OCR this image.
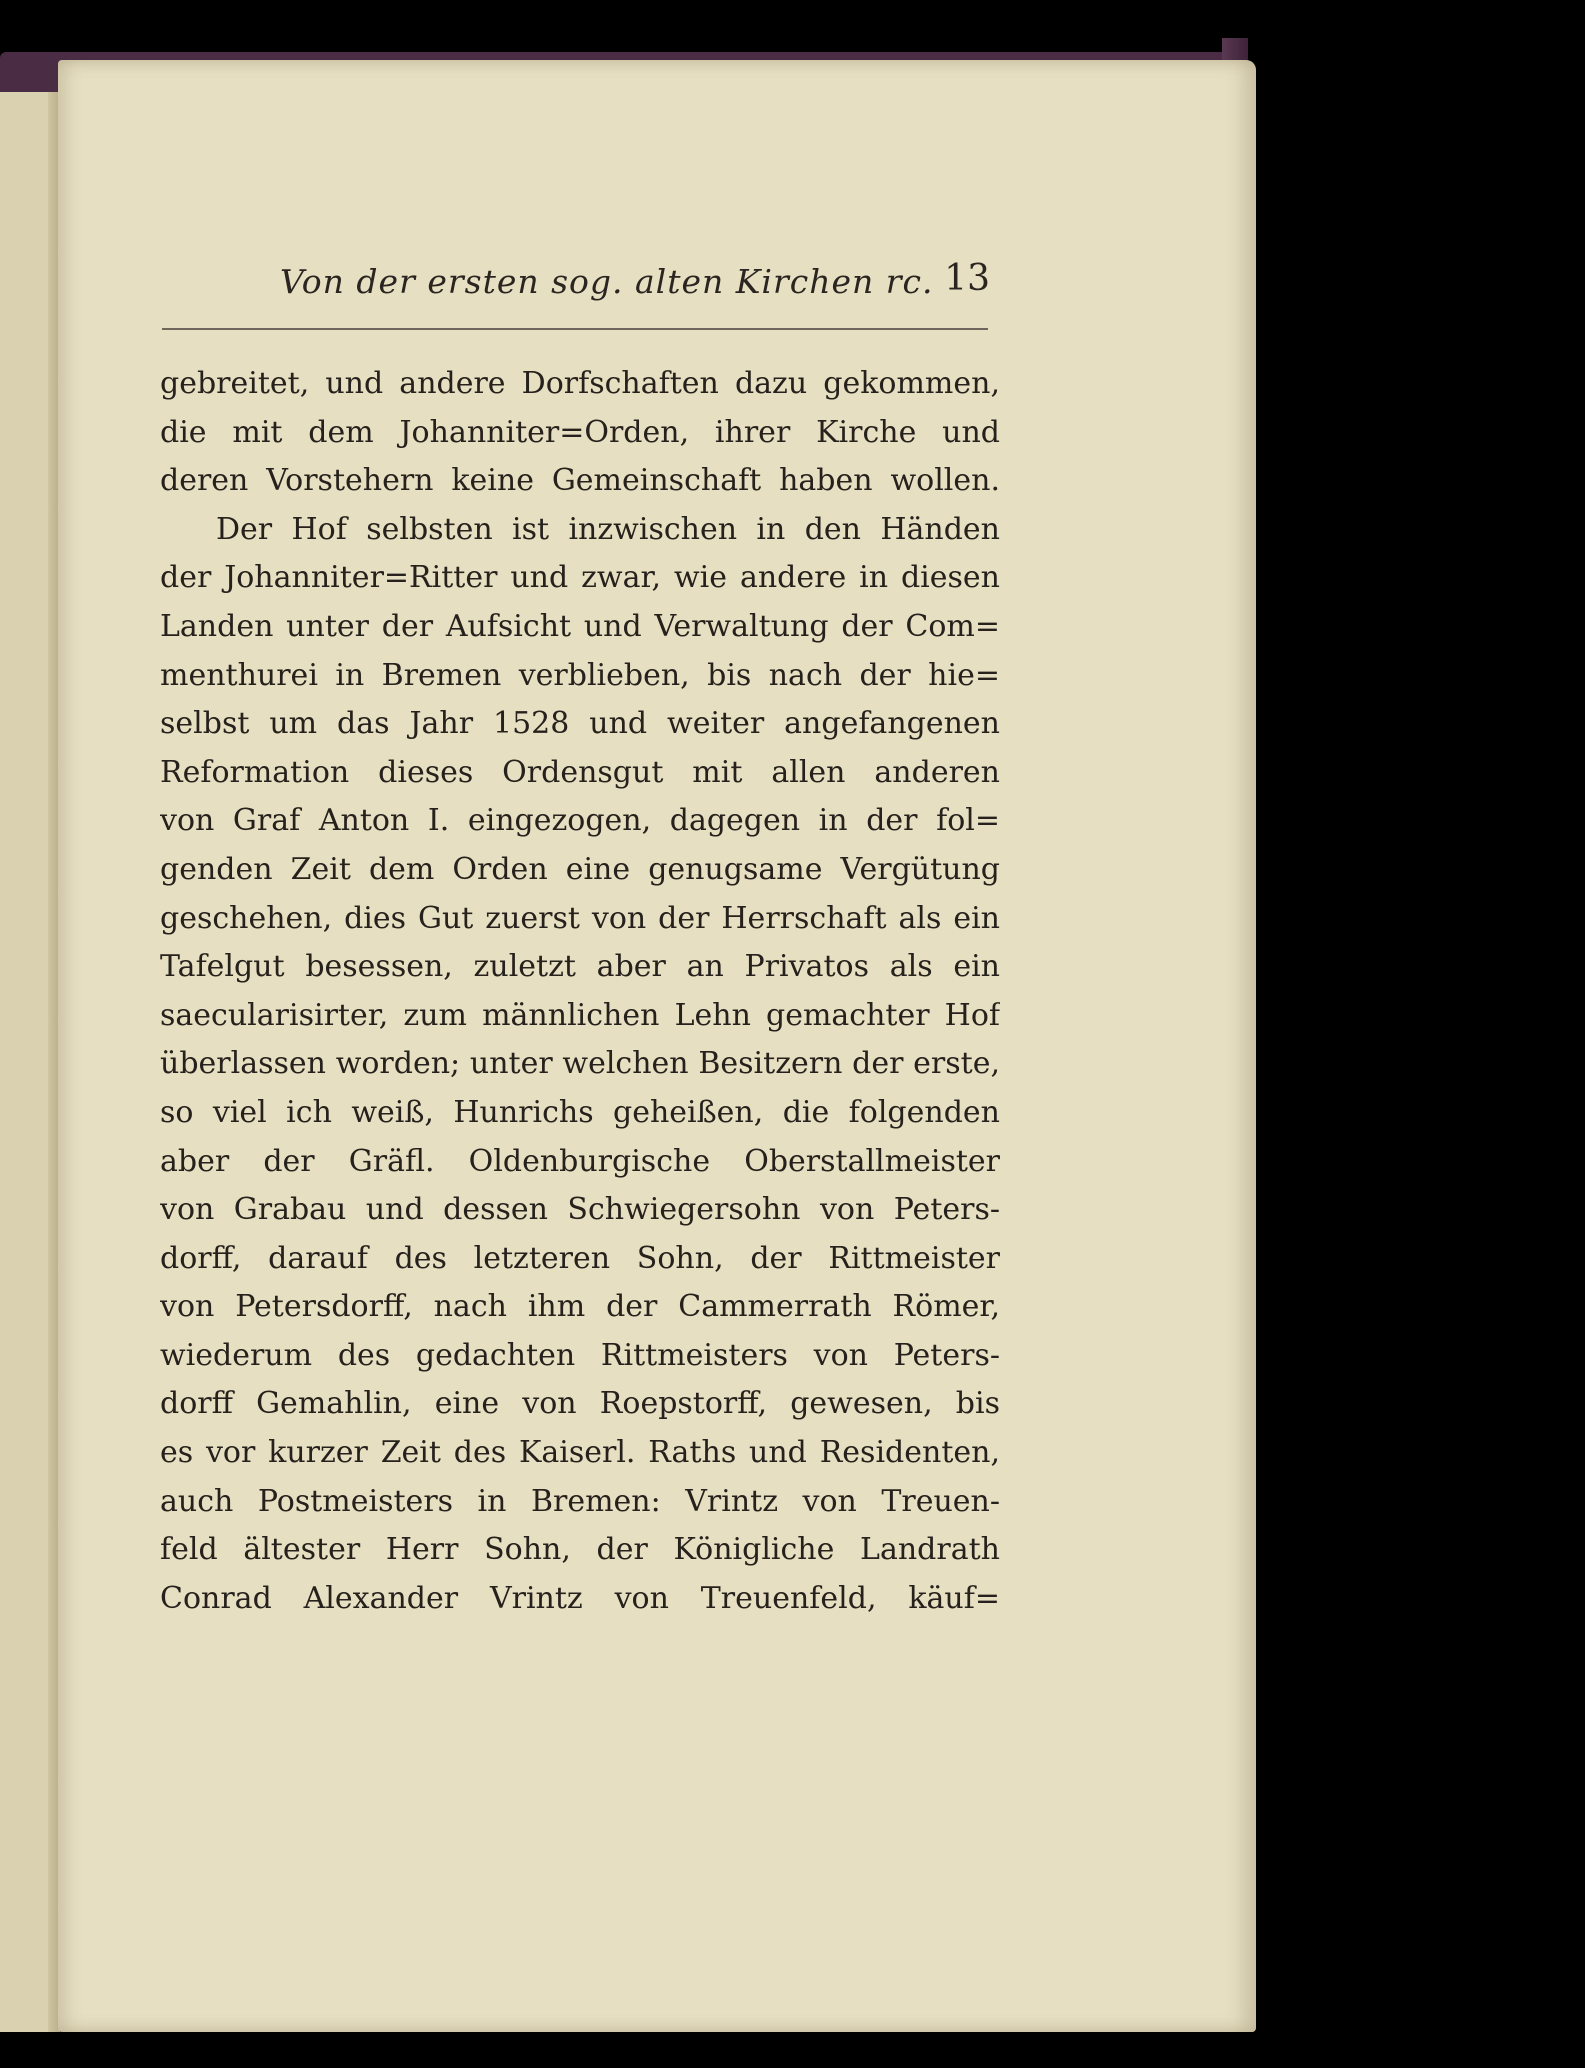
Von der ersten sog. alten Kirchen rc. 13
gebreitet, und andere Dorfschaften dazu gekommen,
die mit dem Johanniter=Orden, ihrer Kirche und
deren Vorstehern keine Gemeinschaft haben wollen.
Der Hof selbsten ist inzwischen in den Händen
der Johanniter=Ritter und zwar, wie andere in diesen
Landen unter der Aufsicht und Verwaltung der Com=
menthurei in Bremen verblieben, bis nach der hie=
selbst um das Jahr 1528 und weiter angefangenen
Reformation dieses Ordensgut mit allen anderen
von Graf Anton I. eingezogen, dagegen in der fol=
genden Zeit dem Orden eine genugsame Vergütung
geschehen, dies Gut zuerst von der Herrschaft als ein
Tafelgut besessen, zuletzt aber an Privatos als ein
saecularisirter, zum männlichen Lehn gemachter Hof
überlassen worden; unter welchen Besitzern der erste,
so viel ich weiß, Hunrichs geheißen, die folgenden
aber der Gräfl. Oldenburgische Oberstallmeister
von Grabau und dessen Schwiegersohn von Peters-
dorff, darauf des letzteren Sohn, der Rittmeister
von Petersdorff, nach ihm der Cammerrath Römer,
wiederum des gedachten Rittmeisters von Peters-
dorff Gemahlin, eine von Roepstorff, gewesen, bis
es vor kurzer Zeit des Kaiserl. Raths und Residenten,
auch Postmeisters in Bremen: Vrintz von Treuen-
feld ältester Herr Sohn, der Königliche Landrath
Conrad Alexander Vrintz von Treuenfeld, käuf=
